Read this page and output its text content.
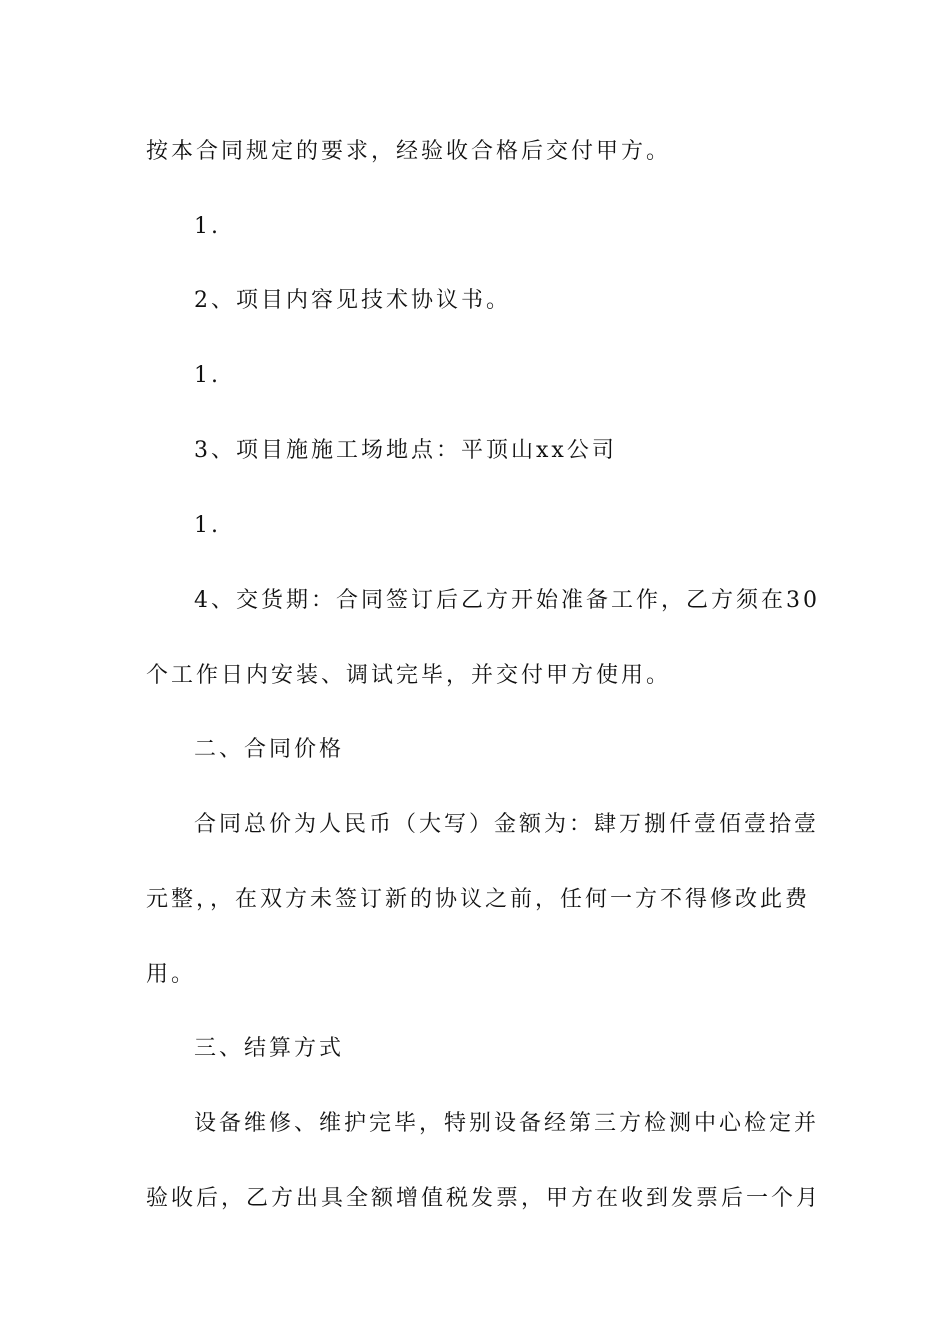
按本合同规定的要求，经验收合格后交付甲方。
1.
2、项目内容见技术协议书。
1.
3、项目施施工场地点：平顶山xx公司
1.
4、交货期：合同签订后乙方开始准备工作，乙方须在30
个工作日内安装、调试完毕，并交付甲方使用。
二、合同价格
合同总价为人民币（大写）金额为：肆万捌仟壹佰壹拾壹
元整，，在双方未签订新的协议之前，任何一方不得修改此费
用。
三、结算方式
设备维修、维护完毕，特别设备经第三方检测中心检定并
验收后，乙方出具全额增值税发票，甲方在收到发票后一个月
